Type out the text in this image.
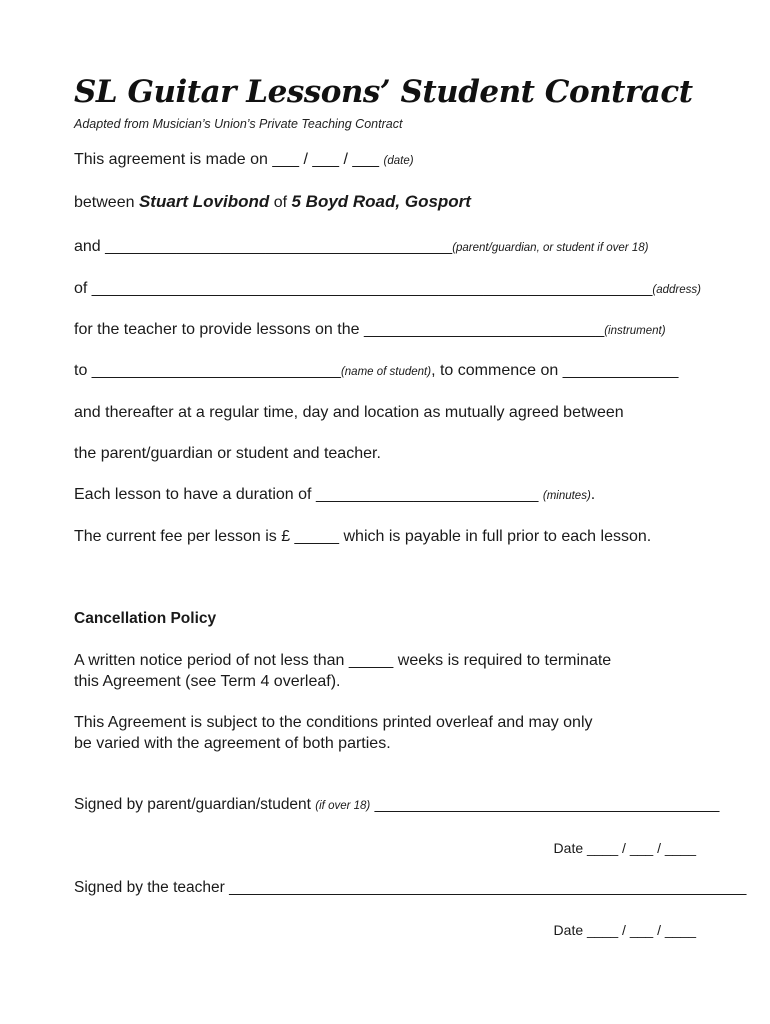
SL Guitar Lessons’ Student Contract
Adapted from Musician’s Union’s Private Teaching Contract
This agreement is made on ___ / ___ / ___ (date)
between Stuart Lovibond of 5 Boyd Road, Gosport
and _______________________________________(parent/guardian, or student if over 18)
of _______________________________________________________________(address)
for the teacher to provide lessons on the ___________________________(instrument)
to ____________________________(name of student), to commence on _____________
and thereafter at a regular time, day and location as mutually agreed between
the parent/guardian or student and teacher.
Each lesson to have a duration of _________________________ (minutes).
The current fee per lesson is £ _____ which is payable in full prior to each lesson.
Cancellation Policy
A written notice period of not less than _____ weeks is required to terminate
this Agreement (see Term 4 overleaf).
This Agreement is subject to the conditions printed overleaf and may only
be varied with the agreement of both parties.
Signed by parent/guardian/student (if over 18) ________________________________________
Date ____ / ___ / ____
Signed by the teacher ____________________________________________________________
Date ____ / ___ / ____
